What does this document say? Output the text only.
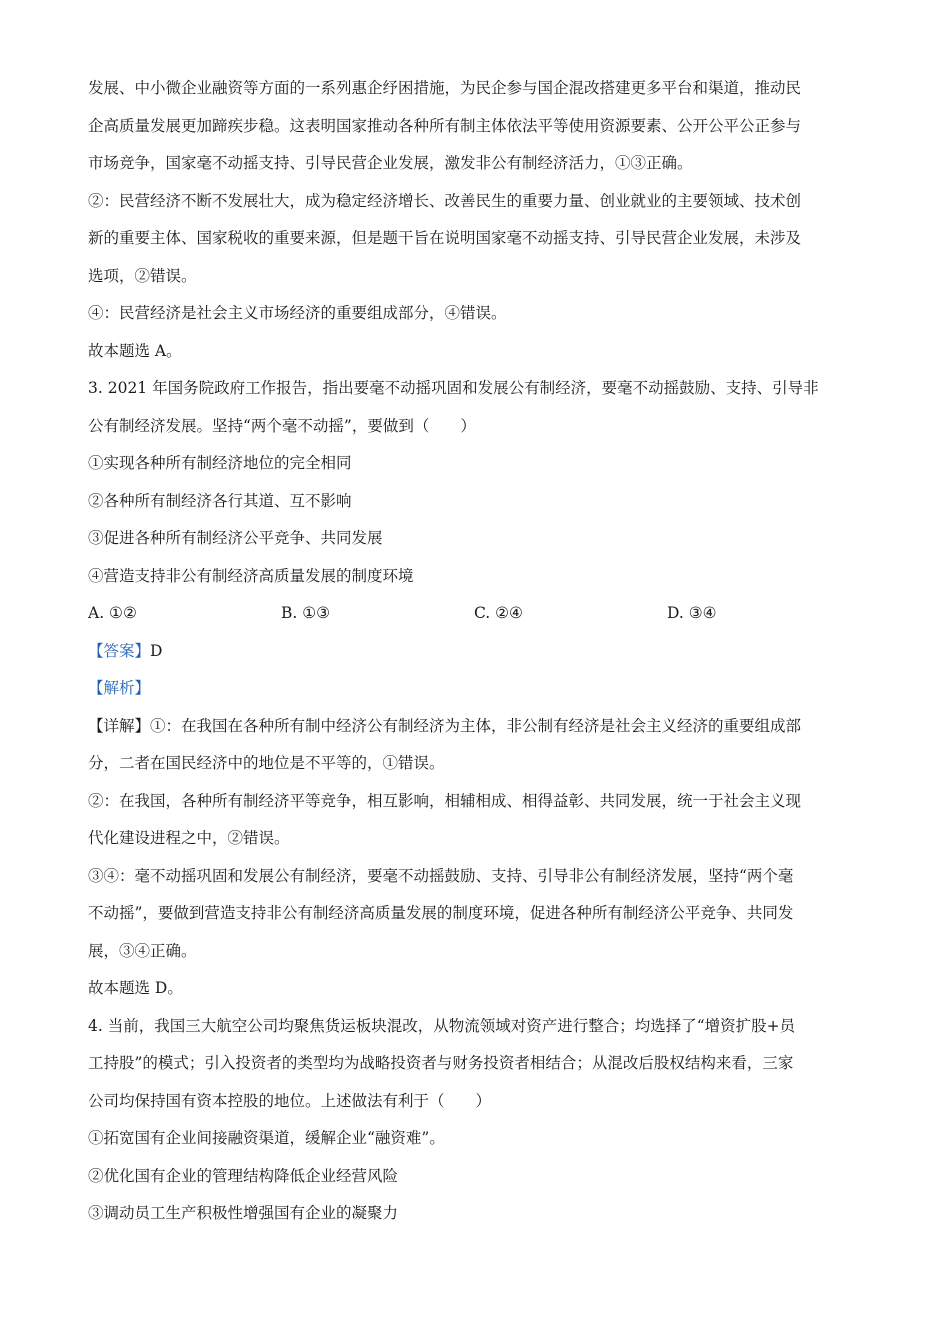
发展、中小微企业融资等方面的一系列惠企纾困措施，为民企参与国企混改搭建更多平台和渠道，推动民
企高质量发展更加蹄疾步稳。这表明国家推动各种所有制主体依法平等使用资源要素、公开公平公正参与
市场竞争，国家毫不动摇支持、引导民营企业发展，激发非公有制经济活力，①③正确。
②：民营经济不断不发展壮大，成为稳定经济增长、改善民生的重要力量、创业就业的主要领域、技术创
新的重要主体、国家税收的重要来源，但是题干旨在说明国家毫不动摇支持、引导民营企业发展，未涉及
选项，②错误。
④：民营经济是社会主义市场经济的重要组成部分，④错误。
故本题选 A。
3. 2021 年国务院政府工作报告，指出要毫不动摇巩固和发展公有制经济，要毫不动摇鼓励、支持、引导非
公有制经济发展。坚持“两个毫不动摇”，要做到（　　）
①实现各种所有制经济地位的完全相同
②各种所有制经济各行其道、互不影响
③促进各种所有制经济公平竞争、共同发展
④营造支持非公有制经济高质量发展的制度环境
A. ①②	B. ①③	C. ②④	D. ③④
【答案】D
【解析】
【详解】①：在我国在各种所有制中经济公有制经济为主体，非公制有经济是社会主义经济的重要组成部
分，二者在国民经济中的地位是不平等的，①错误。
②：在我国，各种所有制经济平等竞争，相互影响，相辅相成、相得益彰、共同发展，统一于社会主义现
代化建设进程之中，②错误。
③④：毫不动摇巩固和发展公有制经济，要毫不动摇鼓励、支持、引导非公有制经济发展，坚持“两个毫
不动摇”，要做到营造支持非公有制经济高质量发展的制度环境，促进各种所有制经济公平竞争、共同发
展，③④正确。
故本题选 D。
4. 当前，我国三大航空公司均聚焦货运板块混改，从物流领域对资产进行整合；均选择了“增资扩股+员
工持股”的模式；引入投资者的类型均为战略投资者与财务投资者相结合；从混改后股权结构来看，三家
公司均保持国有资本控股的地位。上述做法有利于（　　）
①拓宽国有企业间接融资渠道，缓解企业“融资难”。
②优化国有企业的管理结构降低企业经营风险
③调动员工生产积极性增强国有企业的凝聚力
